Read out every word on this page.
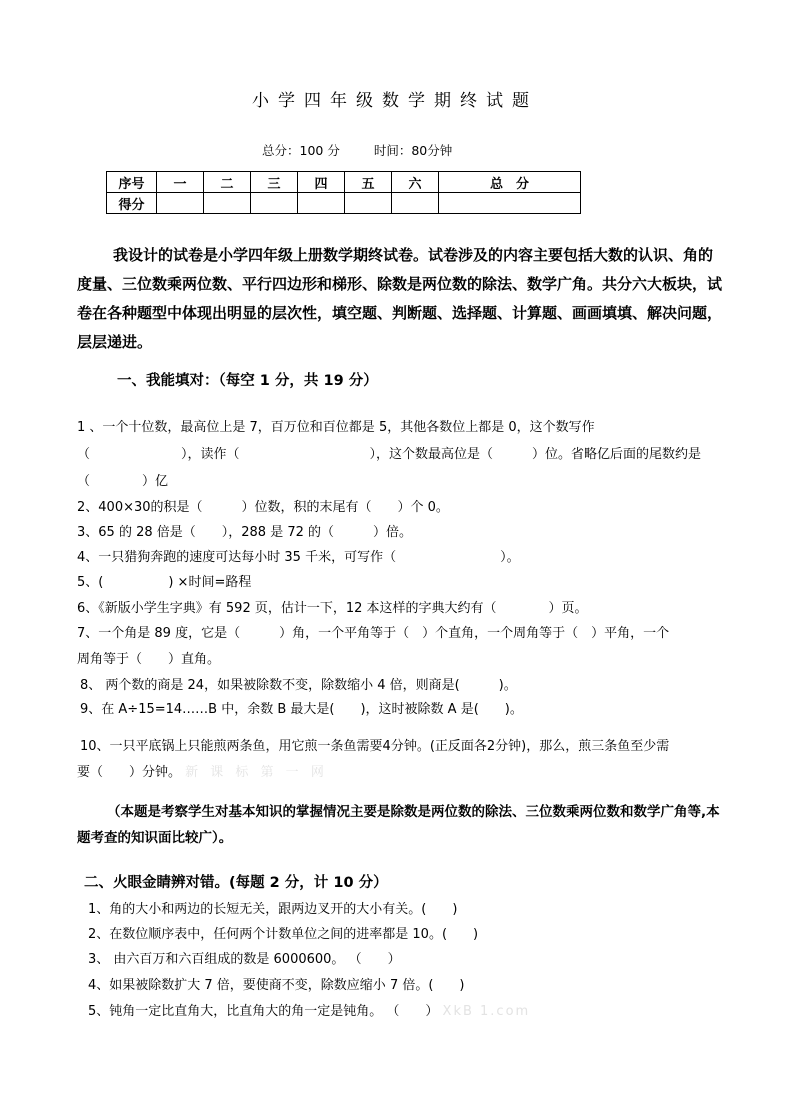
小学四年级数学期终试题
总分：100 分	时间：80分钟
序号	一	二	三	四	五	六	总　分
得分							
我设计的试卷是小学四年级上册数学期终试卷。试卷涉及的内容主要包括大数的认识、角的度量、三位数乘两位数、平行四边形和梯形、除数是两位数的除法、数学广角。共分六大板块，试卷在各种题型中体现出明显的层次性，填空题、判断题、选择题、计算题、画画填填、解决问题，层层递进。
一、我能填对：（每空 1 分，共 19 分）
1 、一个十位数，最高位上是 7，百万位和百位都是 5，其他各数位上都是 0，这个数写作
（　　　　　　　），读作（　　　　　　　　　　），这个数最高位是（　　　）位。省略亿后面的尾数约是
（　　　　）亿
2、400×30的积是（　　　）位数，积的末尾有（　　）个 0。
3、65 的 28 倍是（　　），288 是 72 的（　　　）倍。
4、一只猎狗奔跑的速度可达每小时 35 千米，可写作（　　　　　　　　）。
5、(　　　　　) ×时间=路程
6、《新版小学生字典》有 592 页，估计一下，12 本这样的字典大约有（　　　　）页。
7、一个角是 89 度，它是（　　　）角，一个平角等于（　）个直角，一个周角等于（　）平角，一个
周角等于（　　）直角。
8、 两个数的商是 24，如果被除数不变，除数缩小 4 倍，则商是(　　　)。
9、在 A÷15=14……B 中，余数 B 最大是(　　)，这时被除数 A 是(　　)。
10、一只平底锅上只能煎两条鱼，用它煎一条鱼需要4分钟。(正反面各2分钟)，那么，煎三条鱼至少需
要（　　）分钟。 新 课 标 第 一 网
（本题是考察学生对基本知识的掌握情况主要是除数是两位数的除法、三位数乘两位数和数学广角等,本题考查的知识面比较广）。
二、火眼金睛辨对错。(每题 2 分，计 10 分）
1、角的大小和两边的长短无关，跟两边叉开的大小有关。(　　)
2、在数位顺序表中，任何两个计数单位之间的进率都是 10。(　　)
3、 由六百万和六百组成的数是 6000600。 （　　）
4、如果被除数扩大 7 倍，要使商不变，除数应缩小 7 倍。(　　)
5、钝角一定比直角大，比直角大的角一定是钝角。 （　　） XkB 1.com
